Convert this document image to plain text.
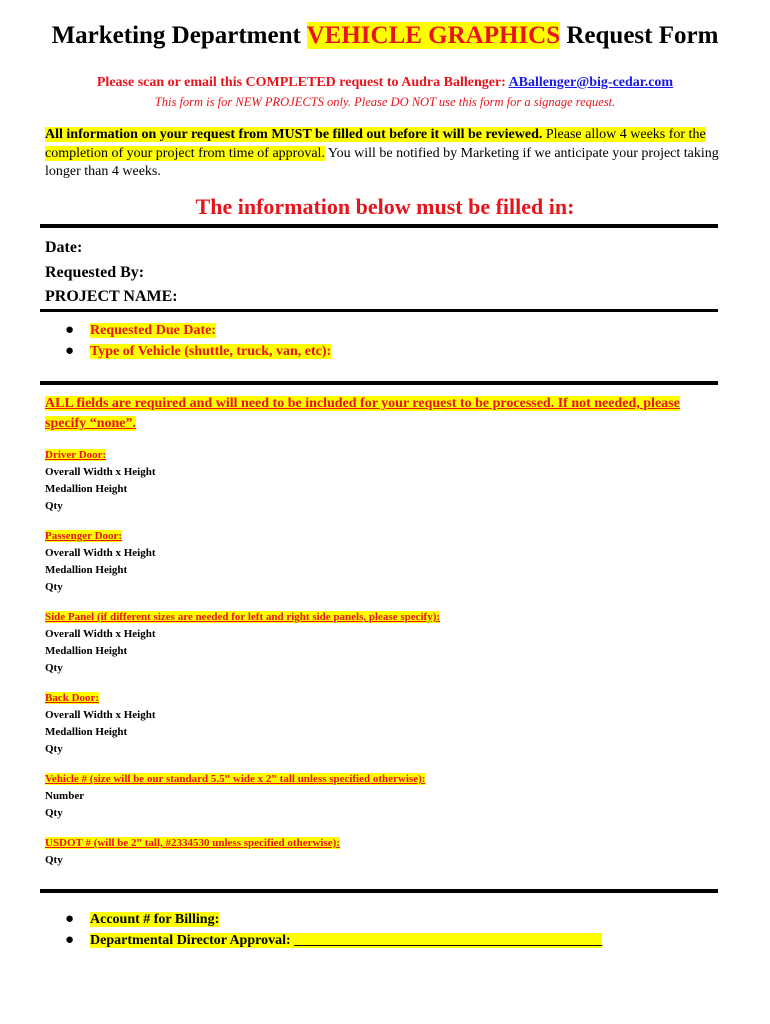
Marketing Department VEHICLE GRAPHICS Request Form
Please scan or email this COMPLETED request to Audra Ballenger: ABallenger@big-cedar.com
This form is for NEW PROJECTS only. Please DO NOT use this form for a signage request.
All information on your request from MUST be filled out before it will be reviewed. Please allow 4 weeks for the completion of your project from time of approval. You will be notified by Marketing if we anticipate your project taking longer than 4 weeks.
The information below must be filled in:
Date:
Requested By:
PROJECT NAME:
● Requested Due Date:
● Type of Vehicle (shuttle, truck, van, etc):
ALL fields are required and will need to be included for your request to be processed. If not needed, please specify “none”.
Driver Door:
Overall Width x Height
Medallion Height
Qty
Passenger Door:
Overall Width x Height
Medallion Height
Qty
Side Panel (if different sizes are needed for left and right side panels, please specify):
Overall Width x Height
Medallion Height
Qty
Back Door:
Overall Width x Height
Medallion Height
Qty
Vehicle # (size will be our standard 5.5” wide x 2” tall unless specified otherwise):
Number
Qty
USDOT # (will be 2” tall, #2334530 unless specified otherwise):
Qty
● Account # for Billing:
● Departmental Director Approval: ____________________________________________
